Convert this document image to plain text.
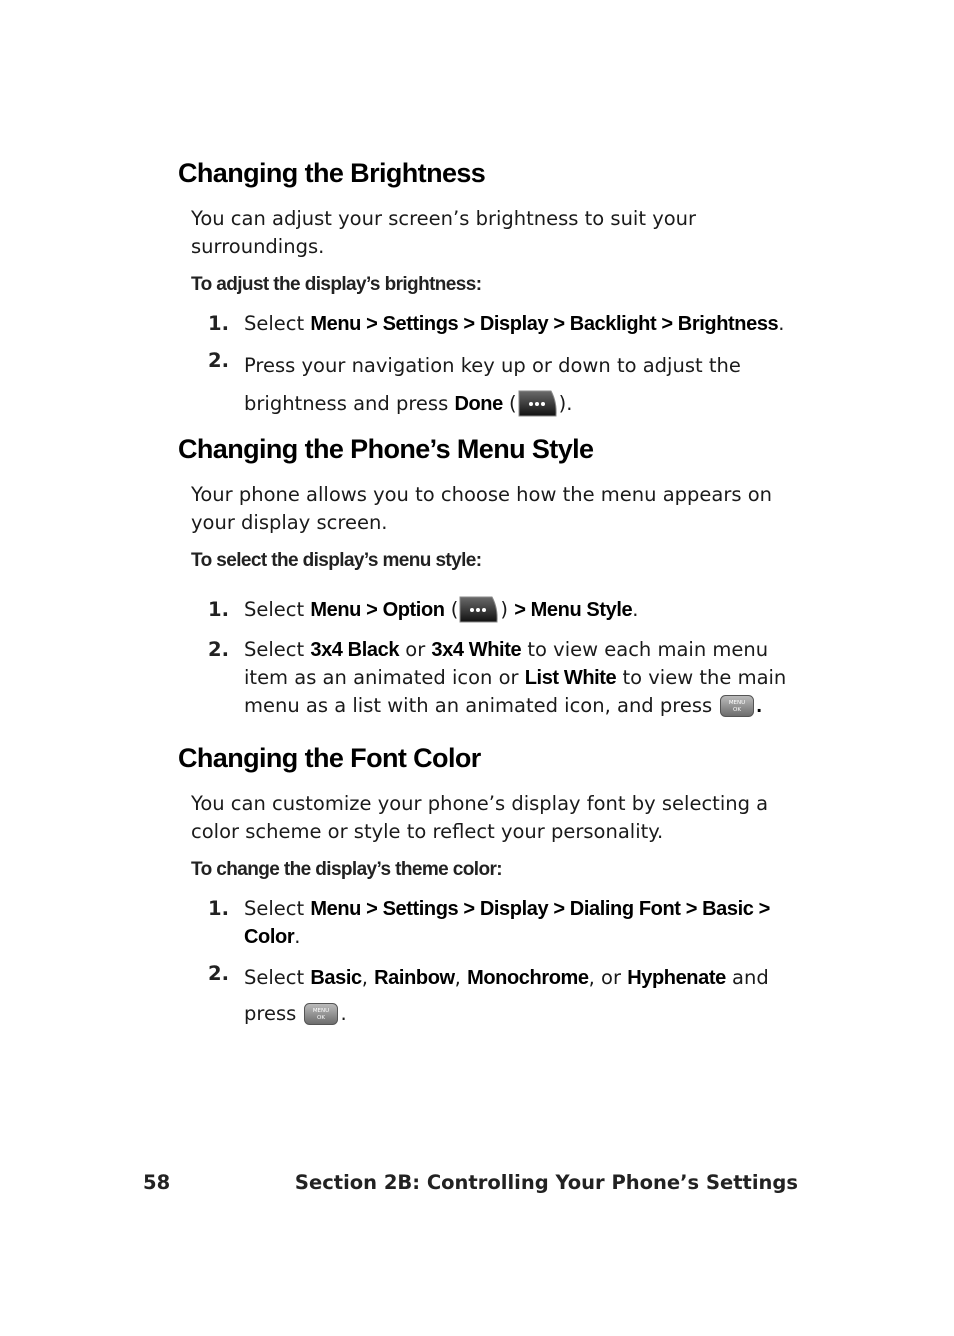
Changing the Brightness

You can adjust your screen’s brightness to suit your surroundings.

To adjust the display’s brightness:

1. Select Menu > Settings > Display > Backlight > Brightness.
2. Press your navigation key up or down to adjust the brightness and press Done ( ).
Changing the Phone’s Menu Style

Your phone allows you to choose how the menu appears on your display screen.

To select the display’s menu style:

1. Select Menu > Option ( ) > Menu Style.
2. Select 3x4 Black or 3x4 White to view each main menu item as an animated icon or List White to view the main menu as a list with an animated icon, and press MENU
OK .
Changing the Font Color

You can customize your phone’s display font by selecting a color scheme or style to reflect your personality.

To change the display’s theme color:

1. Select Menu > Settings > Display > Dialing Font > Basic > Color.
2. Select Basic, Rainbow, Monochrome, or Hyphenate and press MENU
OK .
58	Section 2B: Controlling Your Phone’s Settings
